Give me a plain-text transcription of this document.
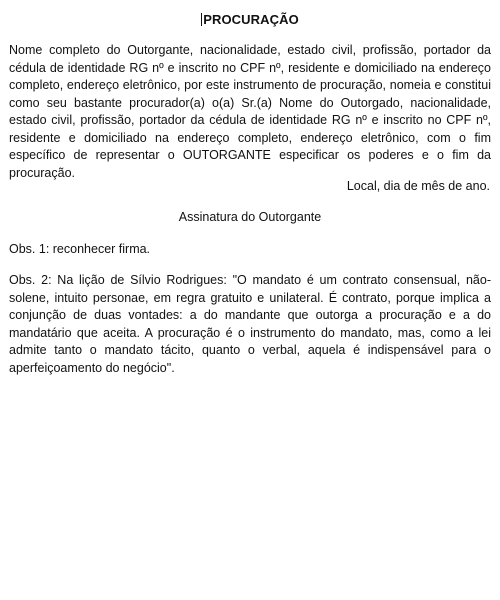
PROCURAÇÃO

Nome completo do Outorgante, nacionalidade, estado civil, profissão, portador da cédula de identidade RG nº e inscrito no CPF nº, residente e domiciliado na endereço completo, endereço eletrônico, por este instrumento de procuração, nomeia e constitui como seu bastante procurador(a) o(a) Sr.(a) Nome do Outorgado, nacionalidade, estado civil, profissão, portador da cédula de identidade RG nº e inscrito no CPF nº, residente e domiciliado na endereço completo, endereço eletrônico, com o fim específico de representar o OUTORGANTE especificar os poderes e o fim da procuração.

Local, dia de mês de ano.

Assinatura do Outorgante

Obs. 1: reconhecer firma.

Obs. 2: Na lição de Sílvio Rodrigues: "O mandato é um contrato consensual, não-solene, intuito personae, em regra gratuito e unilateral. É contrato, porque implica a conjunção de duas vontades: a do mandante que outorga a procuração e a do mandatário que aceita. A procuração é o instrumento do mandato, mas, como a lei admite tanto o mandato tácito, quanto o verbal, aquela é indispensável para o aperfeiçoamento do negócio".
